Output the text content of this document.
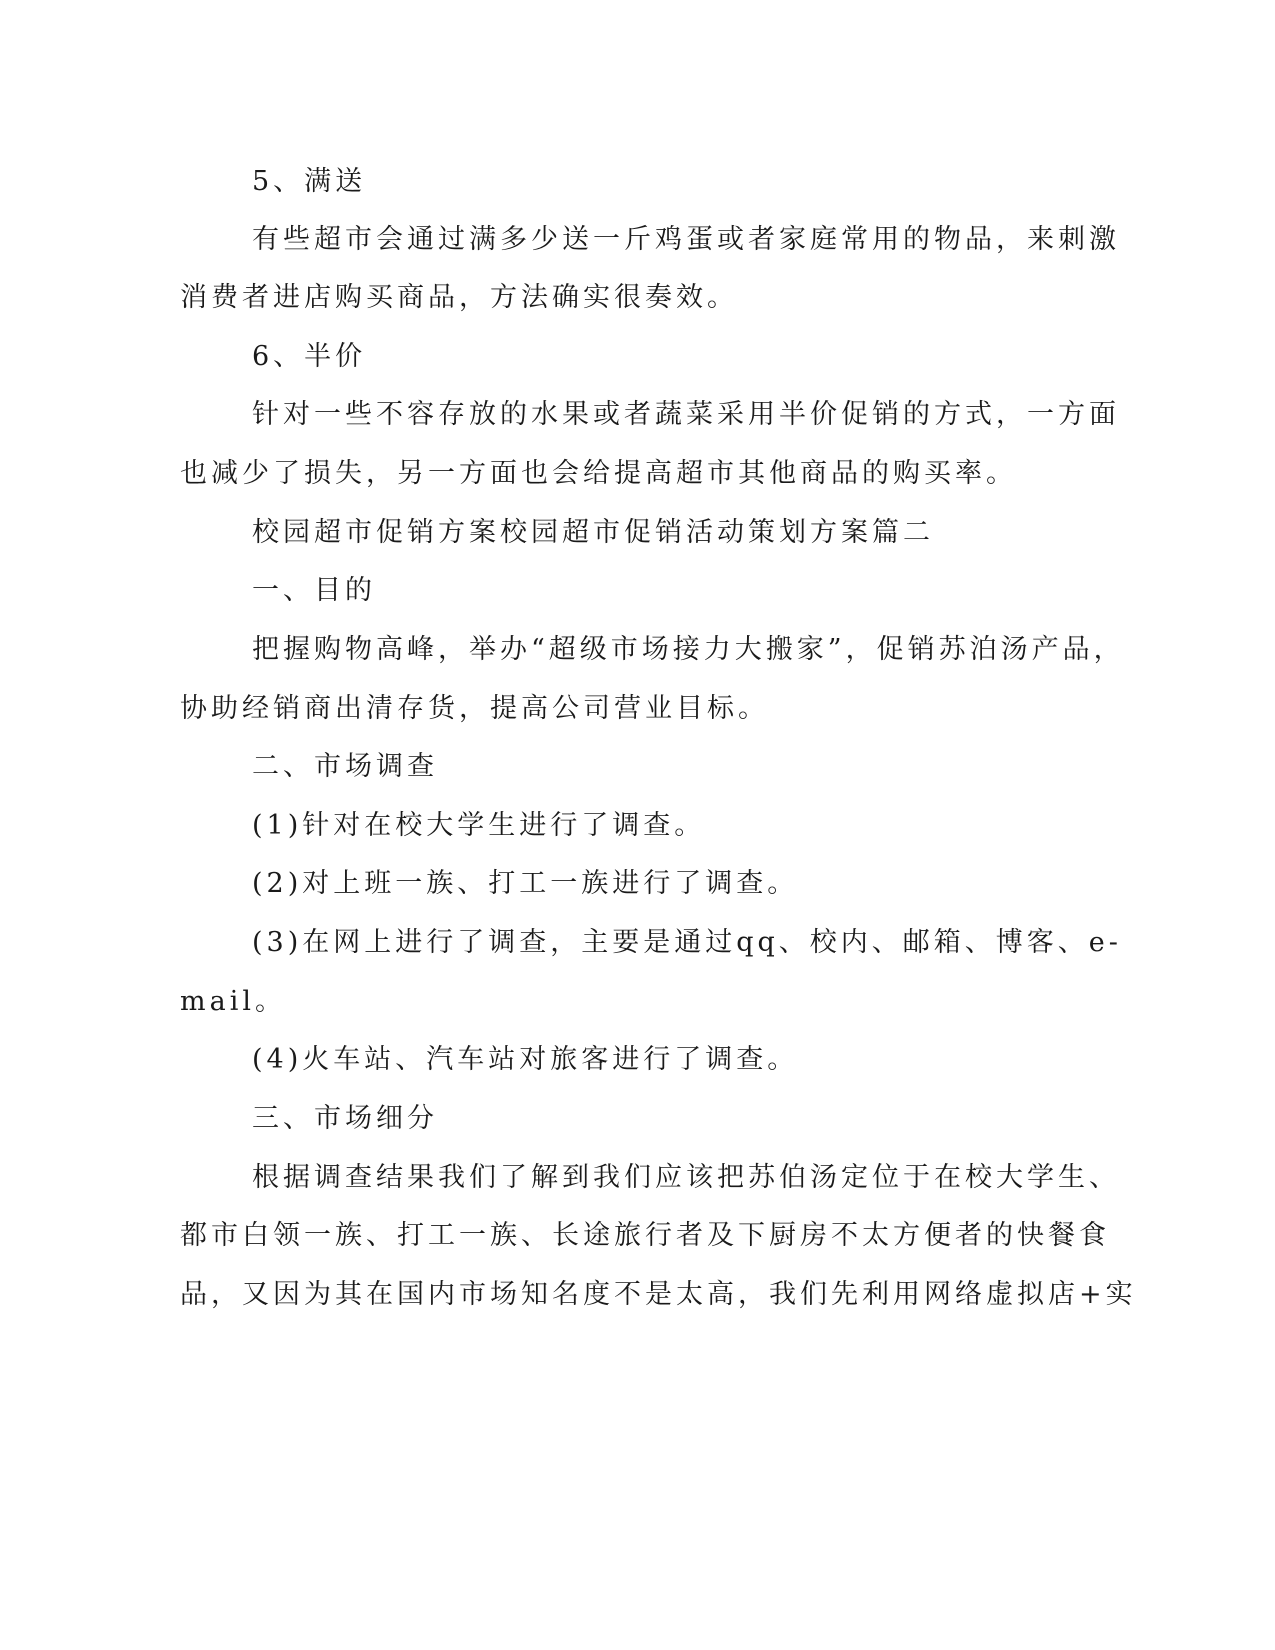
5、满送
有些超市会通过满多少送一斤鸡蛋或者家庭常用的物品，来刺激
消费者进店购买商品，方法确实很奏效。
6、半价
针对一些不容存放的水果或者蔬菜采用半价促销的方式，一方面
也减少了损失，另一方面也会给提高超市其他商品的购买率。
校园超市促销方案校园超市促销活动策划方案篇二
一、目的
把握购物高峰，举办“超级市场接力大搬家”，促销苏泊汤产品，
协助经销商出清存货，提高公司营业目标。
二、市场调查
(1)针对在校大学生进行了调查。
(2)对上班一族、打工一族进行了调查。
(3)在网上进行了调查，主要是通过qq、校内、邮箱、博客、e-
mail。
(4)火车站、汽车站对旅客进行了调查。
三、市场细分
根据调查结果我们了解到我们应该把苏伯汤定位于在校大学生、
都市白领一族、打工一族、长途旅行者及下厨房不太方便者的快餐食
品，又因为其在国内市场知名度不是太高，我们先利用网络虚拟店+实
